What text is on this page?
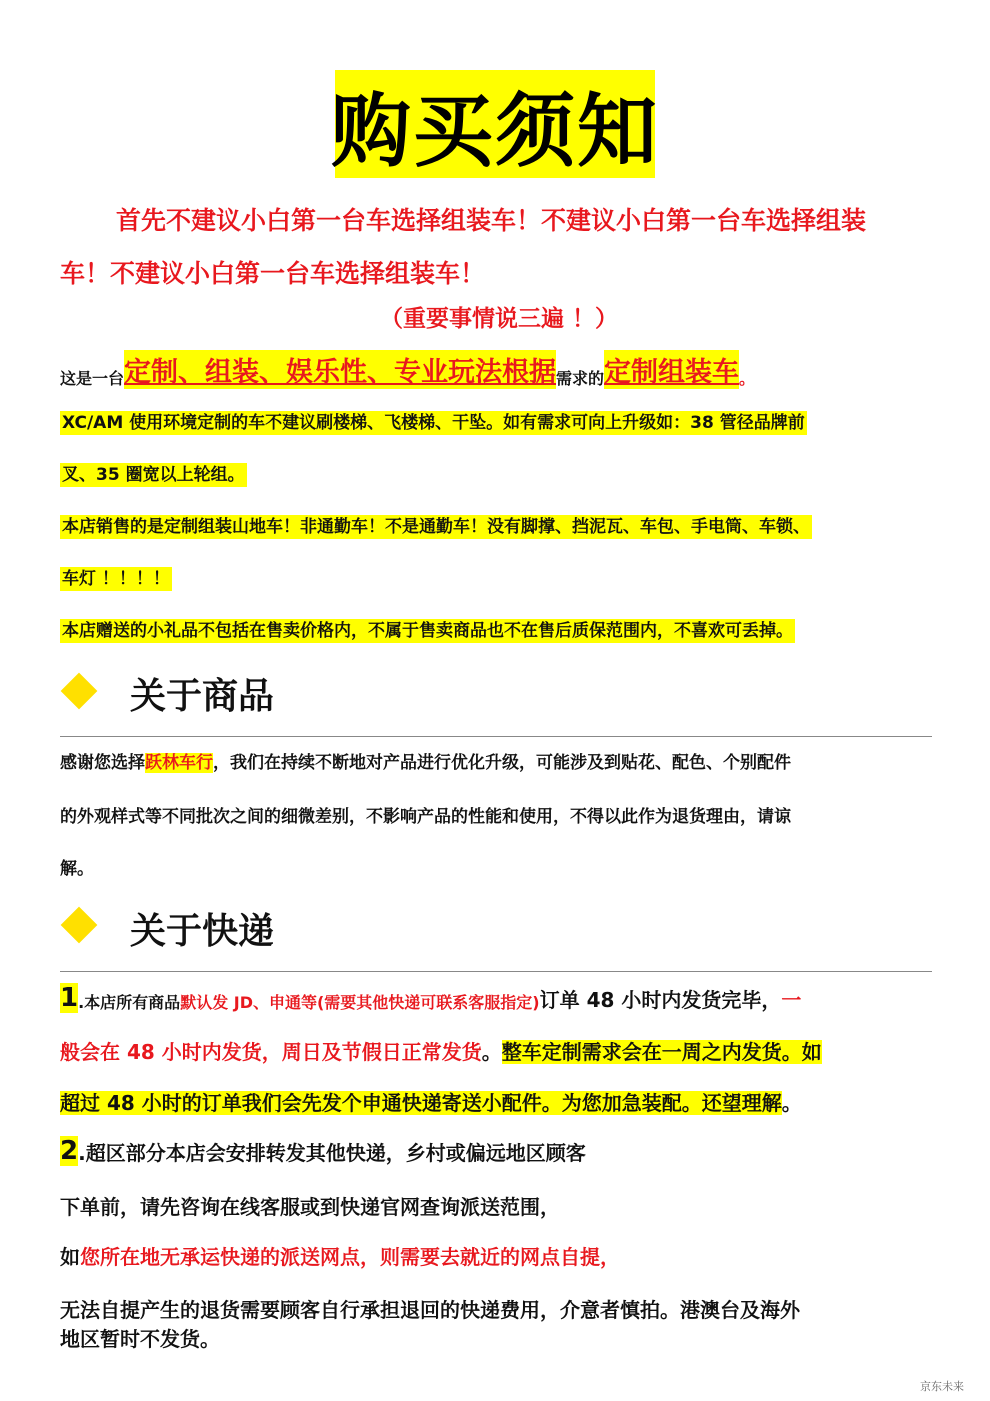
购买须知
首先不建议小白第一台车选择组装车！不建议小白第一台车选择组装
车！不建议小白第一台车选择组装车！
（重要事情说三遍 ！）
这是一台 定制、组装、娱乐性、专业玩法根据 需求的 定制组装车 。
XC/AM 使用环境定制的车不建议刷楼梯、飞楼梯、干坠。如有需求可向上升级如：38 管径品牌前
叉、35 圈宽以上轮组。
本店销售的是定制组装山地车！非通勤车！不是通勤车！没有脚撑、挡泥瓦、车包、手电筒、车锁、
车灯 ！！！！
本店赠送的小礼品不包括在售卖价格内，不属于售卖商品也不在售后质保范围内，不喜欢可丢掉。
关于商品
感谢您选择跃林车行，我们在持续不断地对产品进行优化升级，可能涉及到贴花、配色、个别配件
的外观样式等不同批次之间的细微差别，不影响产品的性能和使用，不得以此作为退货理由，请谅
解。
关于快递
1 .本店所有商品 默认发 JD、申通等(需要其他快递可联系客服指定) 订单 48 小时内发货完毕， 一
般会在 48 小时内发货，周日及节假日正常发货。整车定制需求会在一周之内发货。如
超过 48 小时的订单我们会先发个申通快递寄送小配件。为您加急装配。还望理解。
2 .超区部分本店会安排转发其他快递，乡村或偏远地区顾客
下单前，请先咨询在线客服或到快递官网查询派送范围，
如您所在地无承运快递的派送网点，则需要去就近的网点自提，
无法自提产生的退货需要顾客自行承担退回的快递费用，介意者慎拍。港澳台及海外
地区暂时不发货。
京东未来
